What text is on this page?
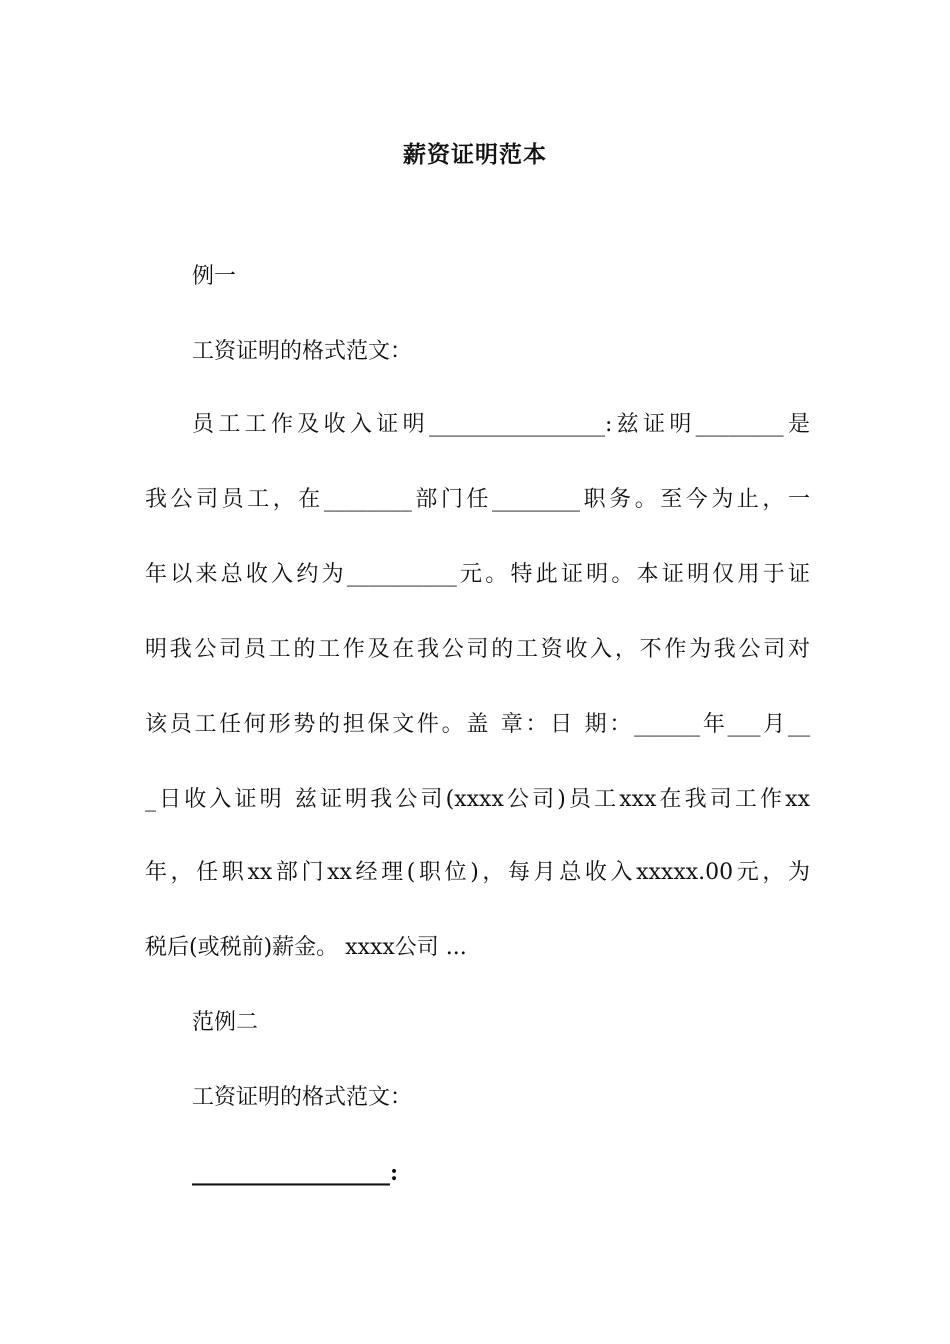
薪资证明范本
例一
工资证明的格式范文：
员工工作及收入证明________________:兹证明________是
我公司员工，在________部门任________职务。至今为止，一
年以来总收入约为__________元。特此证明。本证明仅用于证
明我公司员工的工作及在我公司的工资收入，不作为我公司对
该员工任何形势的担保文件。盖 章：日 期：______年___月__
_日收入证明 兹证明我公司(xxxx公司)员工xxx在我司工作xx
年，任职xx部门xx经理(职位)，每月总收入xxxxx.00元，为
税后(或税前)薪金。 xxxx公司 ...
范例二
工资证明的格式范文：
__________________:
